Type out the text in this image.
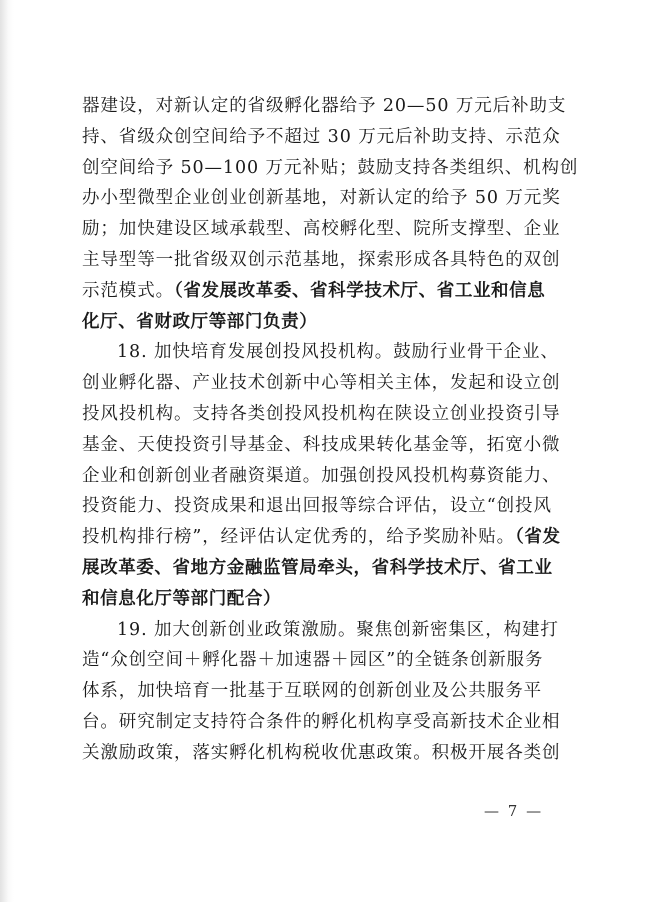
器建设，对新认定的省级孵化器给予 20—50 万元后补助支
持、省级众创空间给予不超过 30 万元后补助支持、示范众
创空间给予 50—100 万元补贴；鼓励支持各类组织、机构创
办小型微型企业创业创新基地，对新认定的给予 50 万元奖
励；加快建设区域承载型、高校孵化型、院所支撑型、企业
主导型等一批省级双创示范基地，探索形成各具特色的双创
示范模式。（省发展改革委、省科学技术厅、省工业和信息
化厅、省财政厅等部门负责）
18. 加快培育发展创投风投机构。鼓励行业骨干企业、
创业孵化器、产业技术创新中心等相关主体，发起和设立创
投风投机构。支持各类创投风投机构在陕设立创业投资引导
基金、天使投资引导基金、科技成果转化基金等，拓宽小微
企业和创新创业者融资渠道。加强创投风投机构募资能力、
投资能力、投资成果和退出回报等综合评估，设立“创投风
投机构排行榜”，经评估认定优秀的，给予奖励补贴。（省发
展改革委、省地方金融监管局牵头，省科学技术厅、省工业
和信息化厅等部门配合）
19. 加大创新创业政策激励。聚焦创新密集区，构建打
造“众创空间＋孵化器＋加速器＋园区”的全链条创新服务
体系，加快培育一批基于互联网的创新创业及公共服务平
台。研究制定支持符合条件的孵化机构享受高新技术企业相
关激励政策，落实孵化机构税收优惠政策。积极开展各类创
— 7 —
